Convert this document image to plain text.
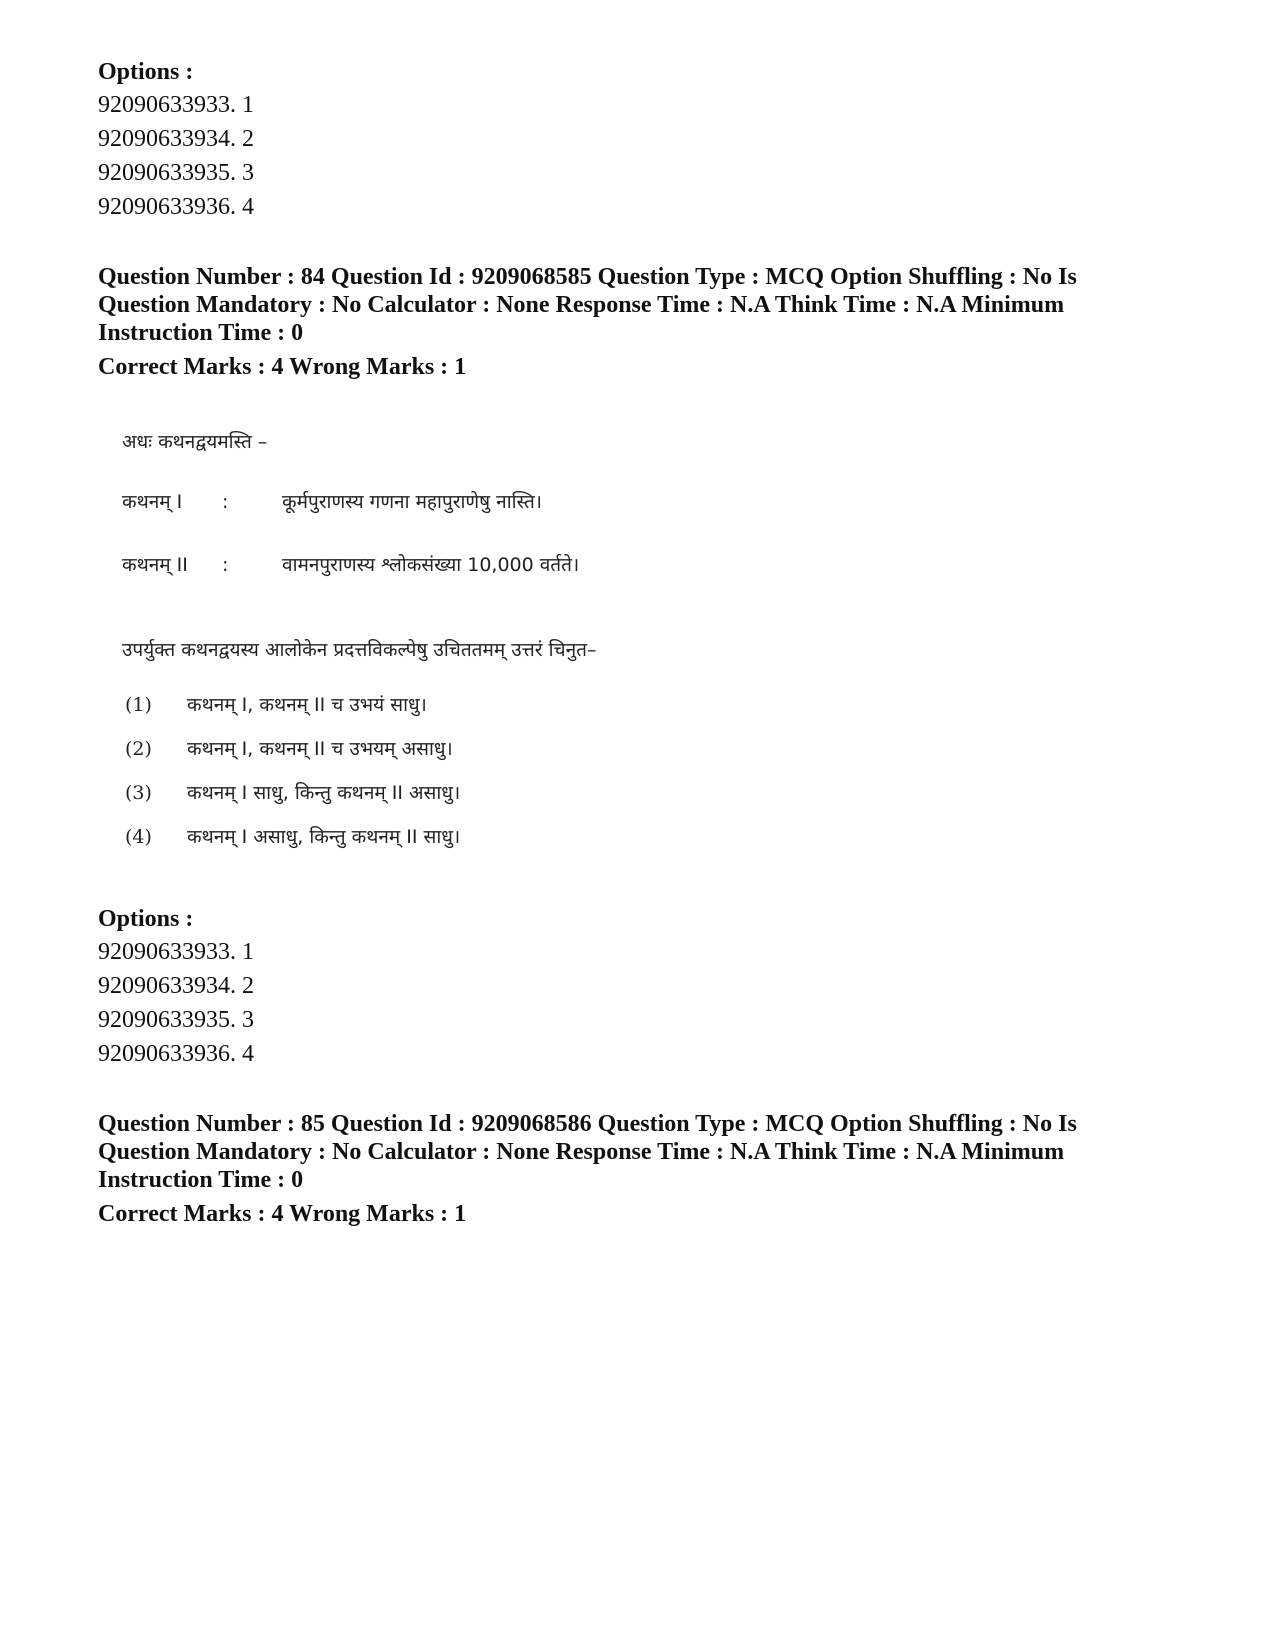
Options :

92090633933. 1

92090633934. 2

92090633935. 3

92090633936. 4

Question Number : 84 Question Id : 9209068585 Question Type : MCQ Option Shuffling : No Is

Question Mandatory : No Calculator : None Response Time : N.A Think Time : N.A Minimum

Instruction Time : 0

Correct Marks : 4 Wrong Marks : 1

अधः कथनद्वयमस्ति –
कथनम् I :	कूर्मपुराणस्य गणना महापुराणेषु नास्ति।
कथनम् II :	वामनपुराणस्य श्लोकसंख्या 10,000 वर्तते।
उपर्युक्त कथनद्वयस्य आलोकेन प्रदत्तविकल्पेषु उचिततमम् उत्तरं चिनुत–
(1) कथनम् I, कथनम् II च उभयं साधु।
(2) कथनम् I, कथनम् II च उभयम् असाधु।
(3) कथनम् I साधु, किन्तु कथनम् II असाधु।
(4) कथनम् I असाधु, किन्तु कथनम् II साधु।

Options :

92090633933. 1

92090633934. 2

92090633935. 3

92090633936. 4

Question Number : 85 Question Id : 9209068586 Question Type : MCQ Option Shuffling : No Is

Question Mandatory : No Calculator : None Response Time : N.A Think Time : N.A Minimum

Instruction Time : 0

Correct Marks : 4 Wrong Marks : 1
